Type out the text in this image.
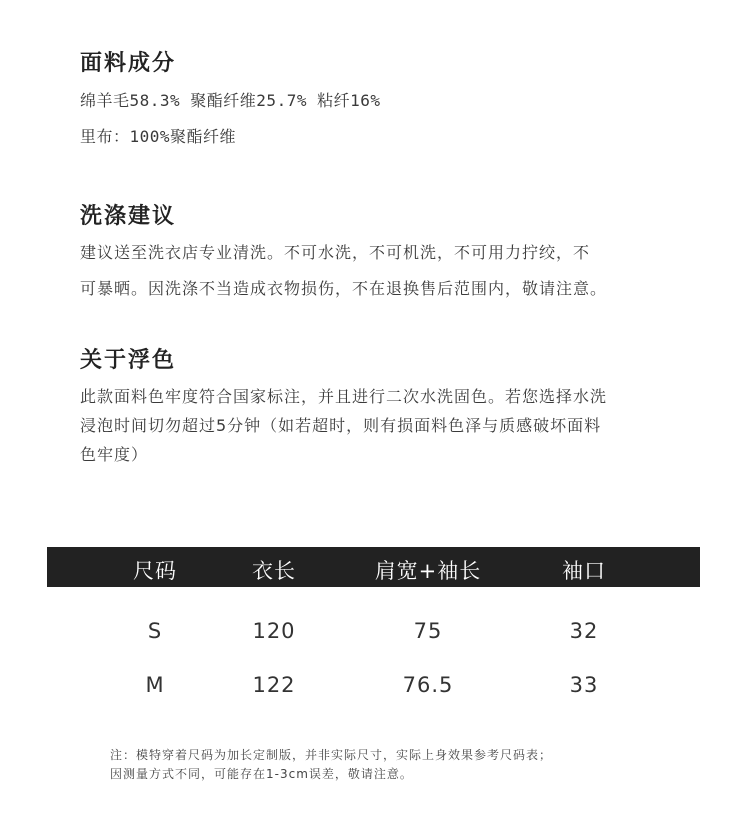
面料成分

绵羊毛58.3% 聚酯纤维25.7% 粘纤16%

里布：100%聚酯纤维

洗涤建议

建议送至洗衣店专业清洗。不可水洗，不可机洗，不可用力拧绞，不

可暴晒。因洗涤不当造成衣物损伤，不在退换售后范围内，敬请注意。

关于浮色

此款面料色牢度符合国家标注，并且进行二次水洗固色。若您选择水洗

浸泡时间切勿超过5分钟（如若超时，则有损面料色泽与质感破坏面料

色牢度）

尺码	衣长	肩宽+袖长	袖口
S	120	75	32
M	122	76.5	33

注：模特穿着尺码为加长定制版，并非实际尺寸，实际上身效果参考尺码表；

因测量方式不同，可能存在1-3cm误差，敬请注意。
